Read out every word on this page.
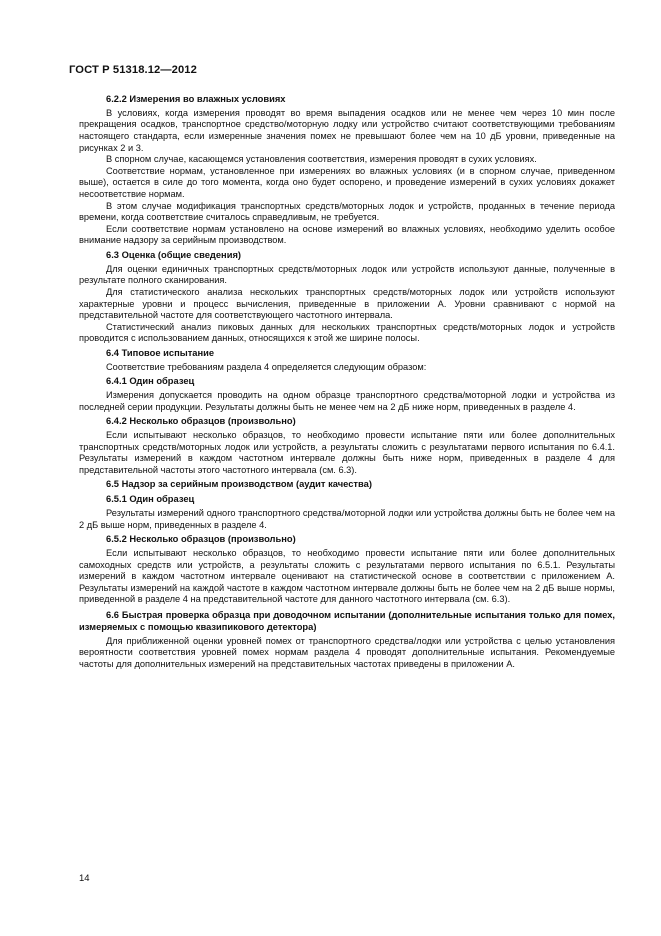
ГОСТ Р 51318.12—2012
6.2.2 Измерения во влажных условиях

В условиях, когда измерения проводят во время выпадения осадков или не менее чем через 10 мин после прекращения осадков, транспортное средство/моторную лодку или устройство считают соответствующими требованиям настоящего стандарта, если измеренные значения помех не превышают более чем на 10 дБ уровни, приведенные на рисунках 2 и 3.

В спорном случае, касающемся установления соответствия, измерения проводят в сухих условиях.

Соответствие нормам, установленное при измерениях во влажных условиях (и в спорном случае, приведенном выше), остается в силе до того момента, когда оно будет оспорено, и проведение измерений в сухих условиях докажет несоответствие нормам.

В этом случае модификация транспортных средств/моторных лодок и устройств, проданных в течение периода времени, когда соответствие считалось справедливым, не требуется.

Если соответствие нормам установлено на основе измерений во влажных условиях, необходимо уделить особое внимание надзору за серийным производством.

6.3 Оценка (общие сведения)

Для оценки единичных транспортных средств/моторных лодок или устройств используют данные, полученные в результате полного сканирования.

Для статистического анализа нескольких транспортных средств/моторных лодок или устройств используют характерные уровни и процесс вычисления, приведенные в приложении А. Уровни сравнивают с нормой на представительной частоте для соответствующего частотного интервала.

Статистический анализ пиковых данных для нескольких транспортных средств/моторных лодок и устройств проводится с использованием данных, относящихся к этой же ширине полосы.

6.4 Типовое испытание

Соответствие требованиям раздела 4 определяется следующим образом:

6.4.1 Один образец

Измерения допускается проводить на одном образце транспортного средства/моторной лодки и устройства из последней серии продукции. Результаты должны быть не менее чем на 2 дБ ниже норм, приведенных в разделе 4.

6.4.2 Несколько образцов (произвольно)

Если испытывают несколько образцов, то необходимо провести испытание пяти или более дополнительных транспортных средств/моторных лодок или устройств, а результаты сложить с результатами первого испытания по 6.4.1. Результаты измерений в каждом частотном интервале должны быть ниже норм, приведенных в разделе 4 для представительной частоты этого частотного интервала (см. 6.3).

6.5 Надзор за серийным производством (аудит качества)
6.5.1 Один образец

Результаты измерений одного транспортного средства/моторной лодки или устройства должны быть не более чем на 2 дБ выше норм, приведенных в разделе 4.

6.5.2 Несколько образцов (произвольно)

Если испытывают несколько образцов, то необходимо провести испытание пяти или более дополнительных самоходных средств или устройств, а результаты сложить с результатами первого испытания по 6.5.1. Результаты измерений в каждом частотном интервале оценивают на статистической основе в соответствии с приложением А. Результаты измерений на каждой частоте в каждом частотном интервале должны быть не более чем на 2 дБ выше нормы, приведенной в разделе 4 на представительной частоте для данного частотного интервала (см. 6.3).

6.6 Быстрая проверка образца при доводочном испытании (дополнительные испытания только для помех, измеряемых с помощью квазипикового детектора)

Для приближенной оценки уровней помех от транспортного средства/лодки или устройства с целью установления вероятности соответствия уровней помех нормам раздела 4 проводят дополнительные испытания. Рекомендуемые частоты для дополнительных измерений на представительных частотах приведены в приложении А.

14
